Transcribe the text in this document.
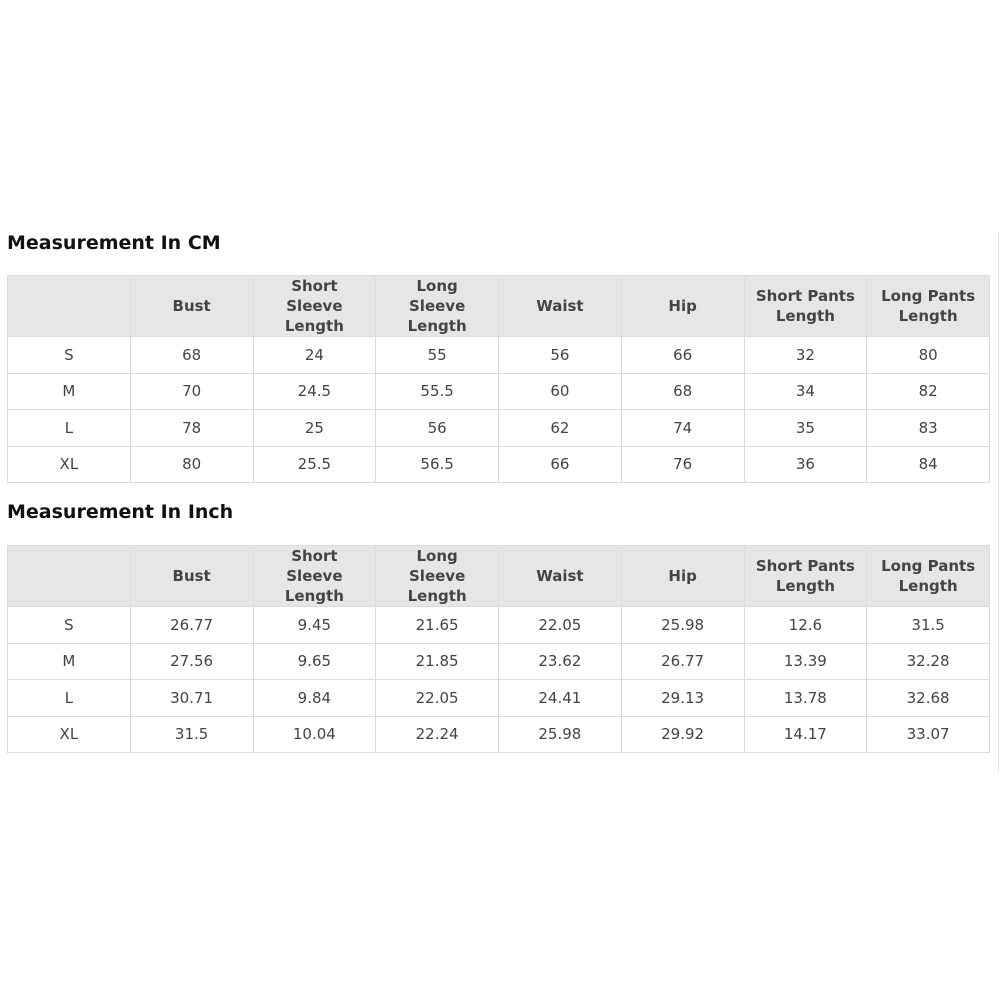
Measurement In CM
	Bust	Short Sleeve Length	Long Sleeve Length	Waist	Hip	Short Pants Length	Long Pants Length
S	68	24	55	56	66	32	80
M	70	24.5	55.5	60	68	34	82
L	78	25	56	62	74	35	83
XL	80	25.5	56.5	66	76	36	84
Measurement In Inch
	Bust	Short Sleeve Length	Long Sleeve Length	Waist	Hip	Short Pants Length	Long Pants Length
S	26.77	9.45	21.65	22.05	25.98	12.6	31.5
M	27.56	9.65	21.85	23.62	26.77	13.39	32.28
L	30.71	9.84	22.05	24.41	29.13	13.78	32.68
XL	31.5	10.04	22.24	25.98	29.92	14.17	33.07
